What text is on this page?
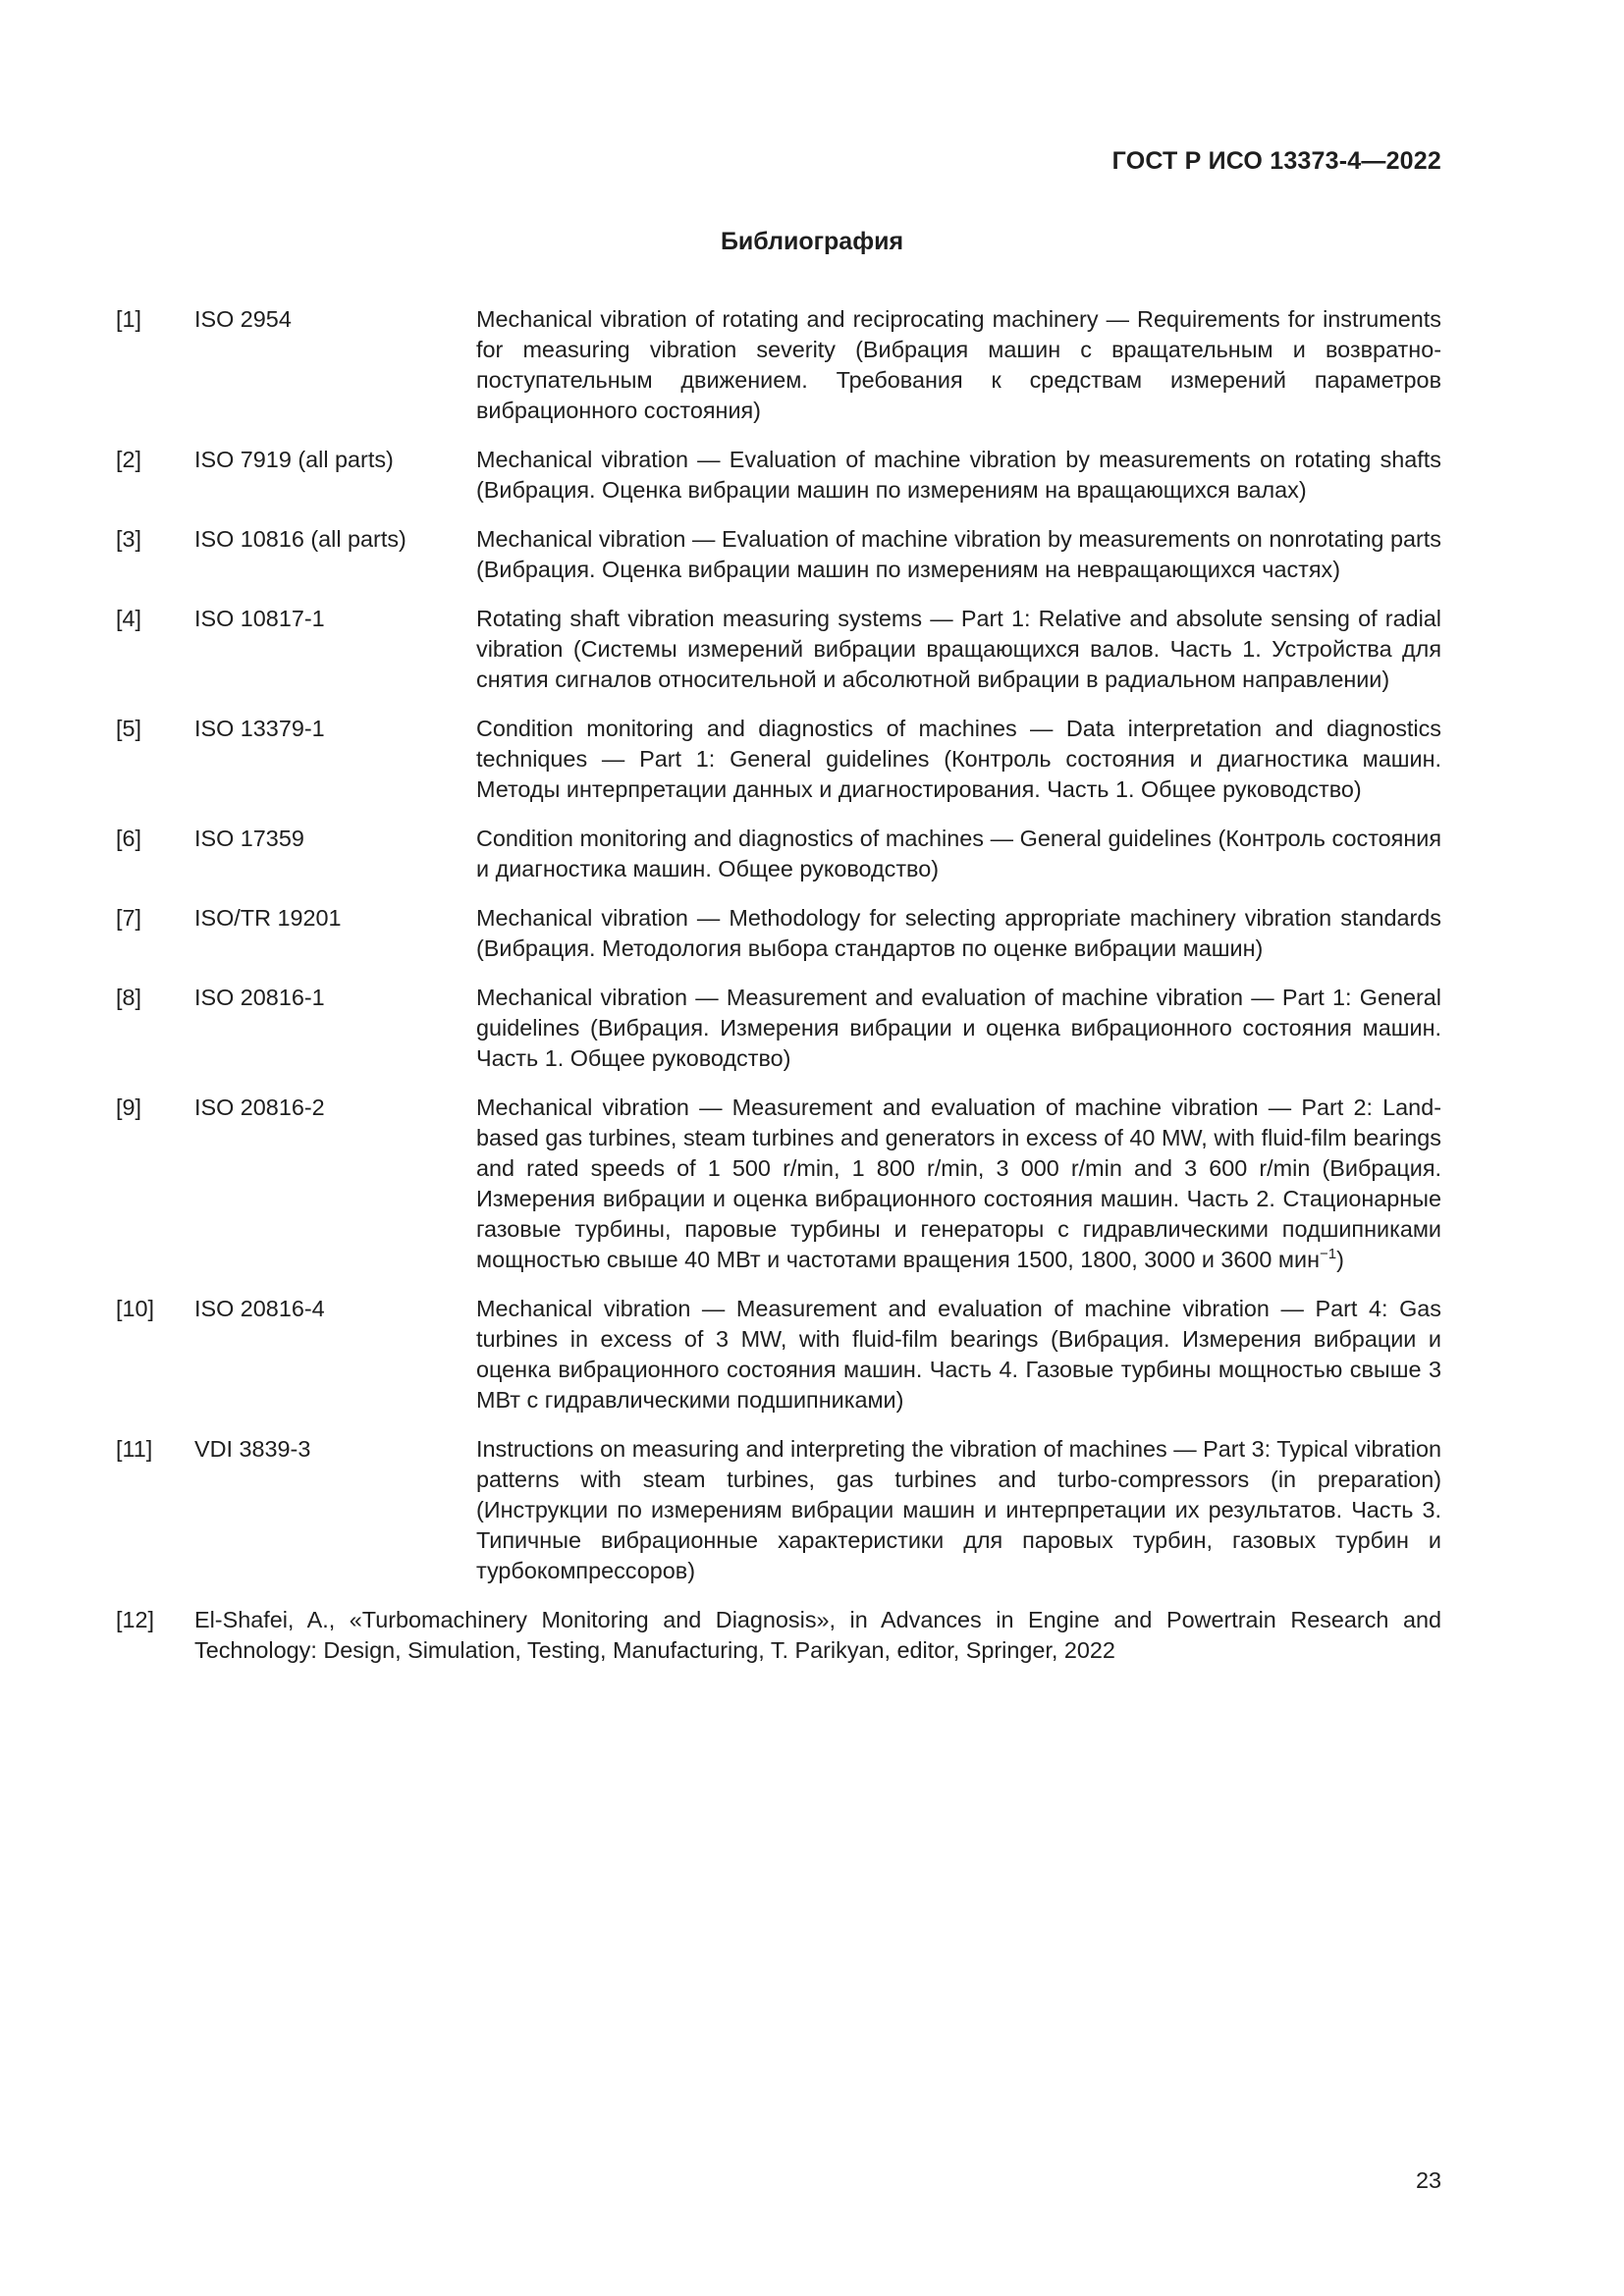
ГОСТ Р ИСО 13373-4—2022
Библиография
[1] ISO 2954	Mechanical vibration of rotating and reciprocating machinery — Requirements for instruments for measuring vibration severity (Вибрация машин с вращательным и возвратно-поступательным движением. Требования к средствам измерений параметров вибрационного состояния)
[2] ISO 7919 (all parts)	Mechanical vibration — Evaluation of machine vibration by measurements on rotating shafts (Вибрация. Оценка вибрации машин по измерениям на вращающихся валах)
[3] ISO 10816 (all parts)	Mechanical vibration — Evaluation of machine vibration by measurements on nonrotating parts (Вибрация. Оценка вибрации машин по измерениям на невращающихся частях)
[4] ISO 10817-1	Rotating shaft vibration measuring systems — Part 1: Relative and absolute sensing of radial vibration (Системы измерений вибрации вращающихся валов. Часть 1. Устройства для снятия сигналов относительной и абсолютной вибрации в радиальном направлении)
[5] ISO 13379-1	Condition monitoring and diagnostics of machines — Data interpretation and diagnostics techniques — Part 1: General guidelines (Контроль состояния и диагностика машин. Методы интерпретации данных и диагностирования. Часть 1. Общее руководство)
[6] ISO 17359	Condition monitoring and diagnostics of machines — General guidelines (Контроль состояния и диагностика машин. Общее руководство)
[7] ISO/TR 19201	Mechanical vibration — Methodology for selecting appropriate machinery vibration standards (Вибрация. Методология выбора стандартов по оценке вибрации машин)
[8] ISO 20816-1	Mechanical vibration — Measurement and evaluation of machine vibration — Part 1: General guidelines (Вибрация. Измерения вибрации и оценка вибрационного состояния машин. Часть 1. Общее руководство)
[9] ISO 20816-2	Mechanical vibration — Measurement and evaluation of machine vibration — Part 2: Land-based gas turbines, steam turbines and generators in excess of 40 MW, with fluid-film bearings and rated speeds of 1 500 r/min, 1 800 r/min, 3 000 r/min and 3 600 r/min (Вибрация. Измерения вибрации и оценка вибрационного состояния машин. Часть 2. Стационарные газовые турбины, паровые турбины и генераторы с гидравлическими подшипниками мощностью свыше 40 МВт и частотами вращения 1500, 1800, 3000 и 3600 мин$^{-1}$)
[10] ISO 20816-4	Mechanical vibration — Measurement and evaluation of machine vibration — Part 4: Gas turbines in excess of 3 MW, with fluid-film bearings (Вибрация. Измерения вибрации и оценка вибрационного состояния машин. Часть 4. Газовые турбины мощностью свыше 3 МВт с гидравлическими подшипниками)
[11] VDI 3839-3	Instructions on measuring and interpreting the vibration of machines — Part 3: Typical vibration patterns with steam turbines, gas turbines and turbo-compressors (in preparation) (Инструкции по измерениям вибрации машин и интерпретации их результатов. Часть 3. Типичные вибрационные характеристики для паровых турбин, газовых турбин и турбокомпрессоров)
[12] El-Shafei, A., «Turbomachinery Monitoring and Diagnosis», in Advances in Engine and Powertrain Research and Technology: Design, Simulation, Testing, Manufacturing, T. Parikyan, editor, Springer, 2022
23
